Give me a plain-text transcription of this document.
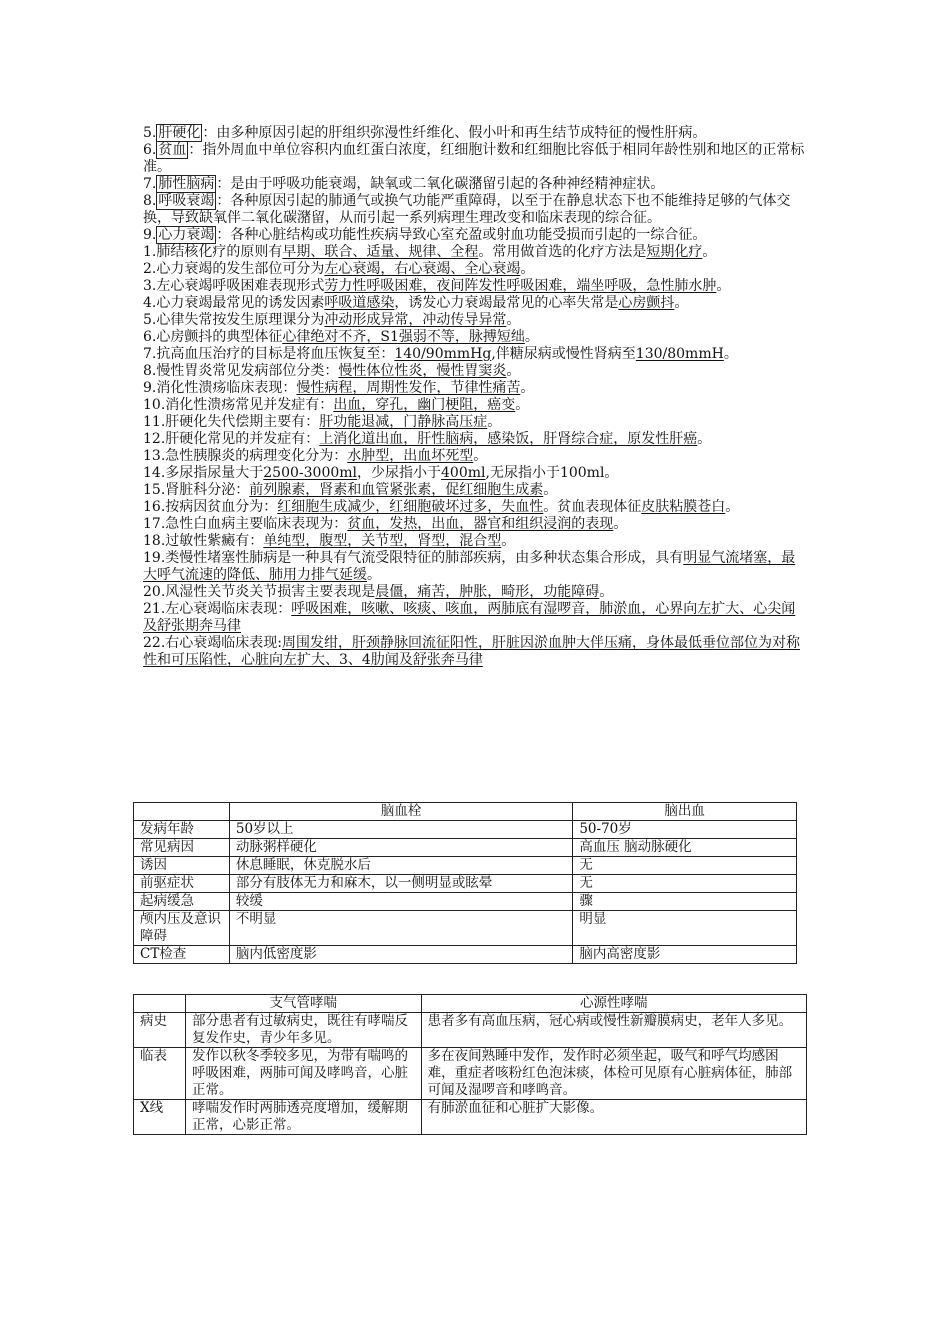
5. 肝硬化 ：由多种原因引起的肝组织弥漫性纤维化、假小叶和再生结节成特征的慢性肝病。
6. 贫血 ：指外周血中单位容积内血红蛋白浓度，红细胞计数和红细胞比容低于相同年龄性别和地区的正常标准。
7. 肺性脑病 ：是由于呼吸功能衰竭，缺氧或二氧化碳潴留引起的各种神经精神症状。
8. 呼吸衰竭 ：各种原因引起的肺通气或换气功能严重障碍，以至于在静息状态下也不能维持足够的气体交换，导致缺氧伴二氧化碳潴留，从而引起一系列病理生理改变和临床表现的综合征。
9. 心力衰竭 ：各种心脏结构或功能性疾病导致心室充盈或射血功能受损而引起的一综合征。
1.肺结核化疗的原则有早期、联合、适量、规律、全程。常用做首选的化疗方法是短期化疗。
2.心力衰竭的发生部位可分为左心衰竭，右心衰竭、全心衰竭。
3.左心衰竭呼吸困难表现形式劳力性呼吸困难，夜间阵发性呼吸困难，端坐呼吸，急性肺水肿。
4.心力衰竭最常见的诱发因素呼吸道感染，诱发心力衰竭最常见的心率失常是心房颤抖。
5.心律失常按发生原理课分为冲动形成异常，冲动传导异常。
6.心房颤抖的典型体征心律绝对不齐，S1强弱不等，脉搏短绌。
7.抗高血压治疗的目标是将血压恢复至：140/90mmHg,伴糖尿病或慢性肾病至130/80mmH。
8.慢性胃炎常见发病部位分类：慢性体位性炎，慢性胃窦炎。
9.消化性溃疡临床表现：慢性病程，周期性发作，节律性痛苦。
10.消化性溃疡常见并发症有：出血，穿孔，幽门梗阻，癌变。
11.肝硬化失代偿期主要有：肝功能退减，门静脉高压症。
12.肝硬化常见的并发症有：上消化道出血，肝性脑病，感染饭，肝肾综合症，原发性肝癌。
13.急性胰腺炎的病理变化分为：水肿型，出血坏死型。
14.多尿指尿量大于2500-3000ml，少尿指小于400ml,无尿指小于100ml。
15.肾脏科分泌：前列腺素，肾素和血管紧张素，促红细胞生成素。
16.按病因贫血分为：红细胞生成减少，红细胞破坏过多，失血性。贫血表现体征皮肤粘膜苍白。
17.急性白血病主要临床表现为：贫血，发热，出血，器官和组织浸润的表现。
18.过敏性紫癜有：单纯型，腹型，关节型，肾型，混合型。
19.类慢性堵塞性肺病是一种具有气流受限特征的肺部疾病，由多种状态集合形成，具有明显气流堵塞，最大呼气流速的降低、肺用力排气延缓。
20.风湿性关节炎关节损害主要表现是晨僵，痛苦，肿胀，畸形，功能障碍。
21.左心衰竭临床表现：呼吸困难，咳嗽、咳痰、咳血，两肺底有湿啰音，肺淤血，心界向左扩大、心尖闻及舒张期奔马律
22.右心衰竭临床表现:周围发绀，肝颈静脉回流征阳性，肝脏因淤血肿大伴压痛，身体最低垂位部位为对称性和可压陷性，心脏向左扩大、3、4肋闻及舒张奔马律
	脑血栓	脑出血
发病年龄	50岁以上	50-70岁
常见病因	动脉粥样硬化	高血压 脑动脉硬化
诱因	休息睡眠，休克脱水后	无
前驱症状	部分有肢体无力和麻木，以一侧明显或眩晕	无
起病缓急	较缓	骤
颅内压及意识障碍	不明显	明显
CT检查	脑内低密度影	脑内高密度影
	支气管哮喘	心源性哮喘
病史	部分患者有过敏病史，既往有哮喘反复发作史，青少年多见。	患者多有高血压病，冠心病或慢性新瓣膜病史，老年人多见。
临表	发作以秋冬季较多见，为带有喘鸣的呼吸困难，两肺可闻及哮鸣音，心脏正常。	多在夜间熟睡中发作，发作时必须坐起，吸气和呼气均感困难，重症者咳粉红色泡沫痰，体检可见原有心脏病体征，肺部可闻及湿啰音和哮鸣音。
X线	哮喘发作时两肺透亮度增加，缓解期正常，心影正常。	有肺淤血征和心脏扩大影像。
